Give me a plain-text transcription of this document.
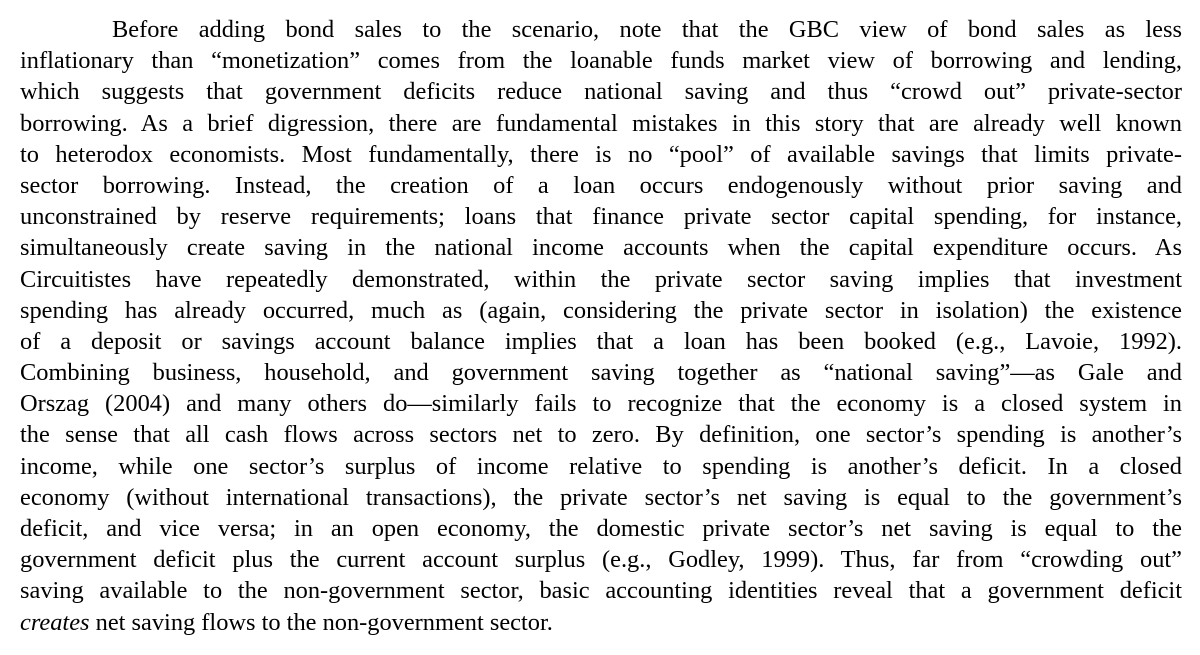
Before adding bond sales to the scenario, note that the GBC view of bond sales as less
inflationary than “monetization” comes from the loanable funds market view of borrowing and lending,
which suggests that government deficits reduce national saving and thus “crowd out” private-sector
borrowing. As a brief digression, there are fundamental mistakes in this story that are already well known
to heterodox economists. Most fundamentally, there is no “pool” of available savings that limits private-
sector borrowing. Instead, the creation of a loan occurs endogenously without prior saving and
unconstrained by reserve requirements; loans that finance private sector capital spending, for instance,
simultaneously create saving in the national income accounts when the capital expenditure occurs. As
Circuitistes have repeatedly demonstrated, within the private sector saving implies that investment
spending has already occurred, much as (again, considering the private sector in isolation) the existence
of a deposit or savings account balance implies that a loan has been booked (e.g., Lavoie, 1992).
Combining business, household, and government saving together as “national saving”—as Gale and
Orszag (2004) and many others do—similarly fails to recognize that the economy is a closed system in
the sense that all cash flows across sectors net to zero. By definition, one sector’s spending is another’s
income, while one sector’s surplus of income relative to spending is another’s deficit. In a closed
economy (without international transactions), the private sector’s net saving is equal to the government’s
deficit, and vice versa; in an open economy, the domestic private sector’s net saving is equal to the
government deficit plus the current account surplus (e.g., Godley, 1999). Thus, far from “crowding out”
saving available to the non-government sector, basic accounting identities reveal that a government deficit
creates net saving flows to the non-government sector.
